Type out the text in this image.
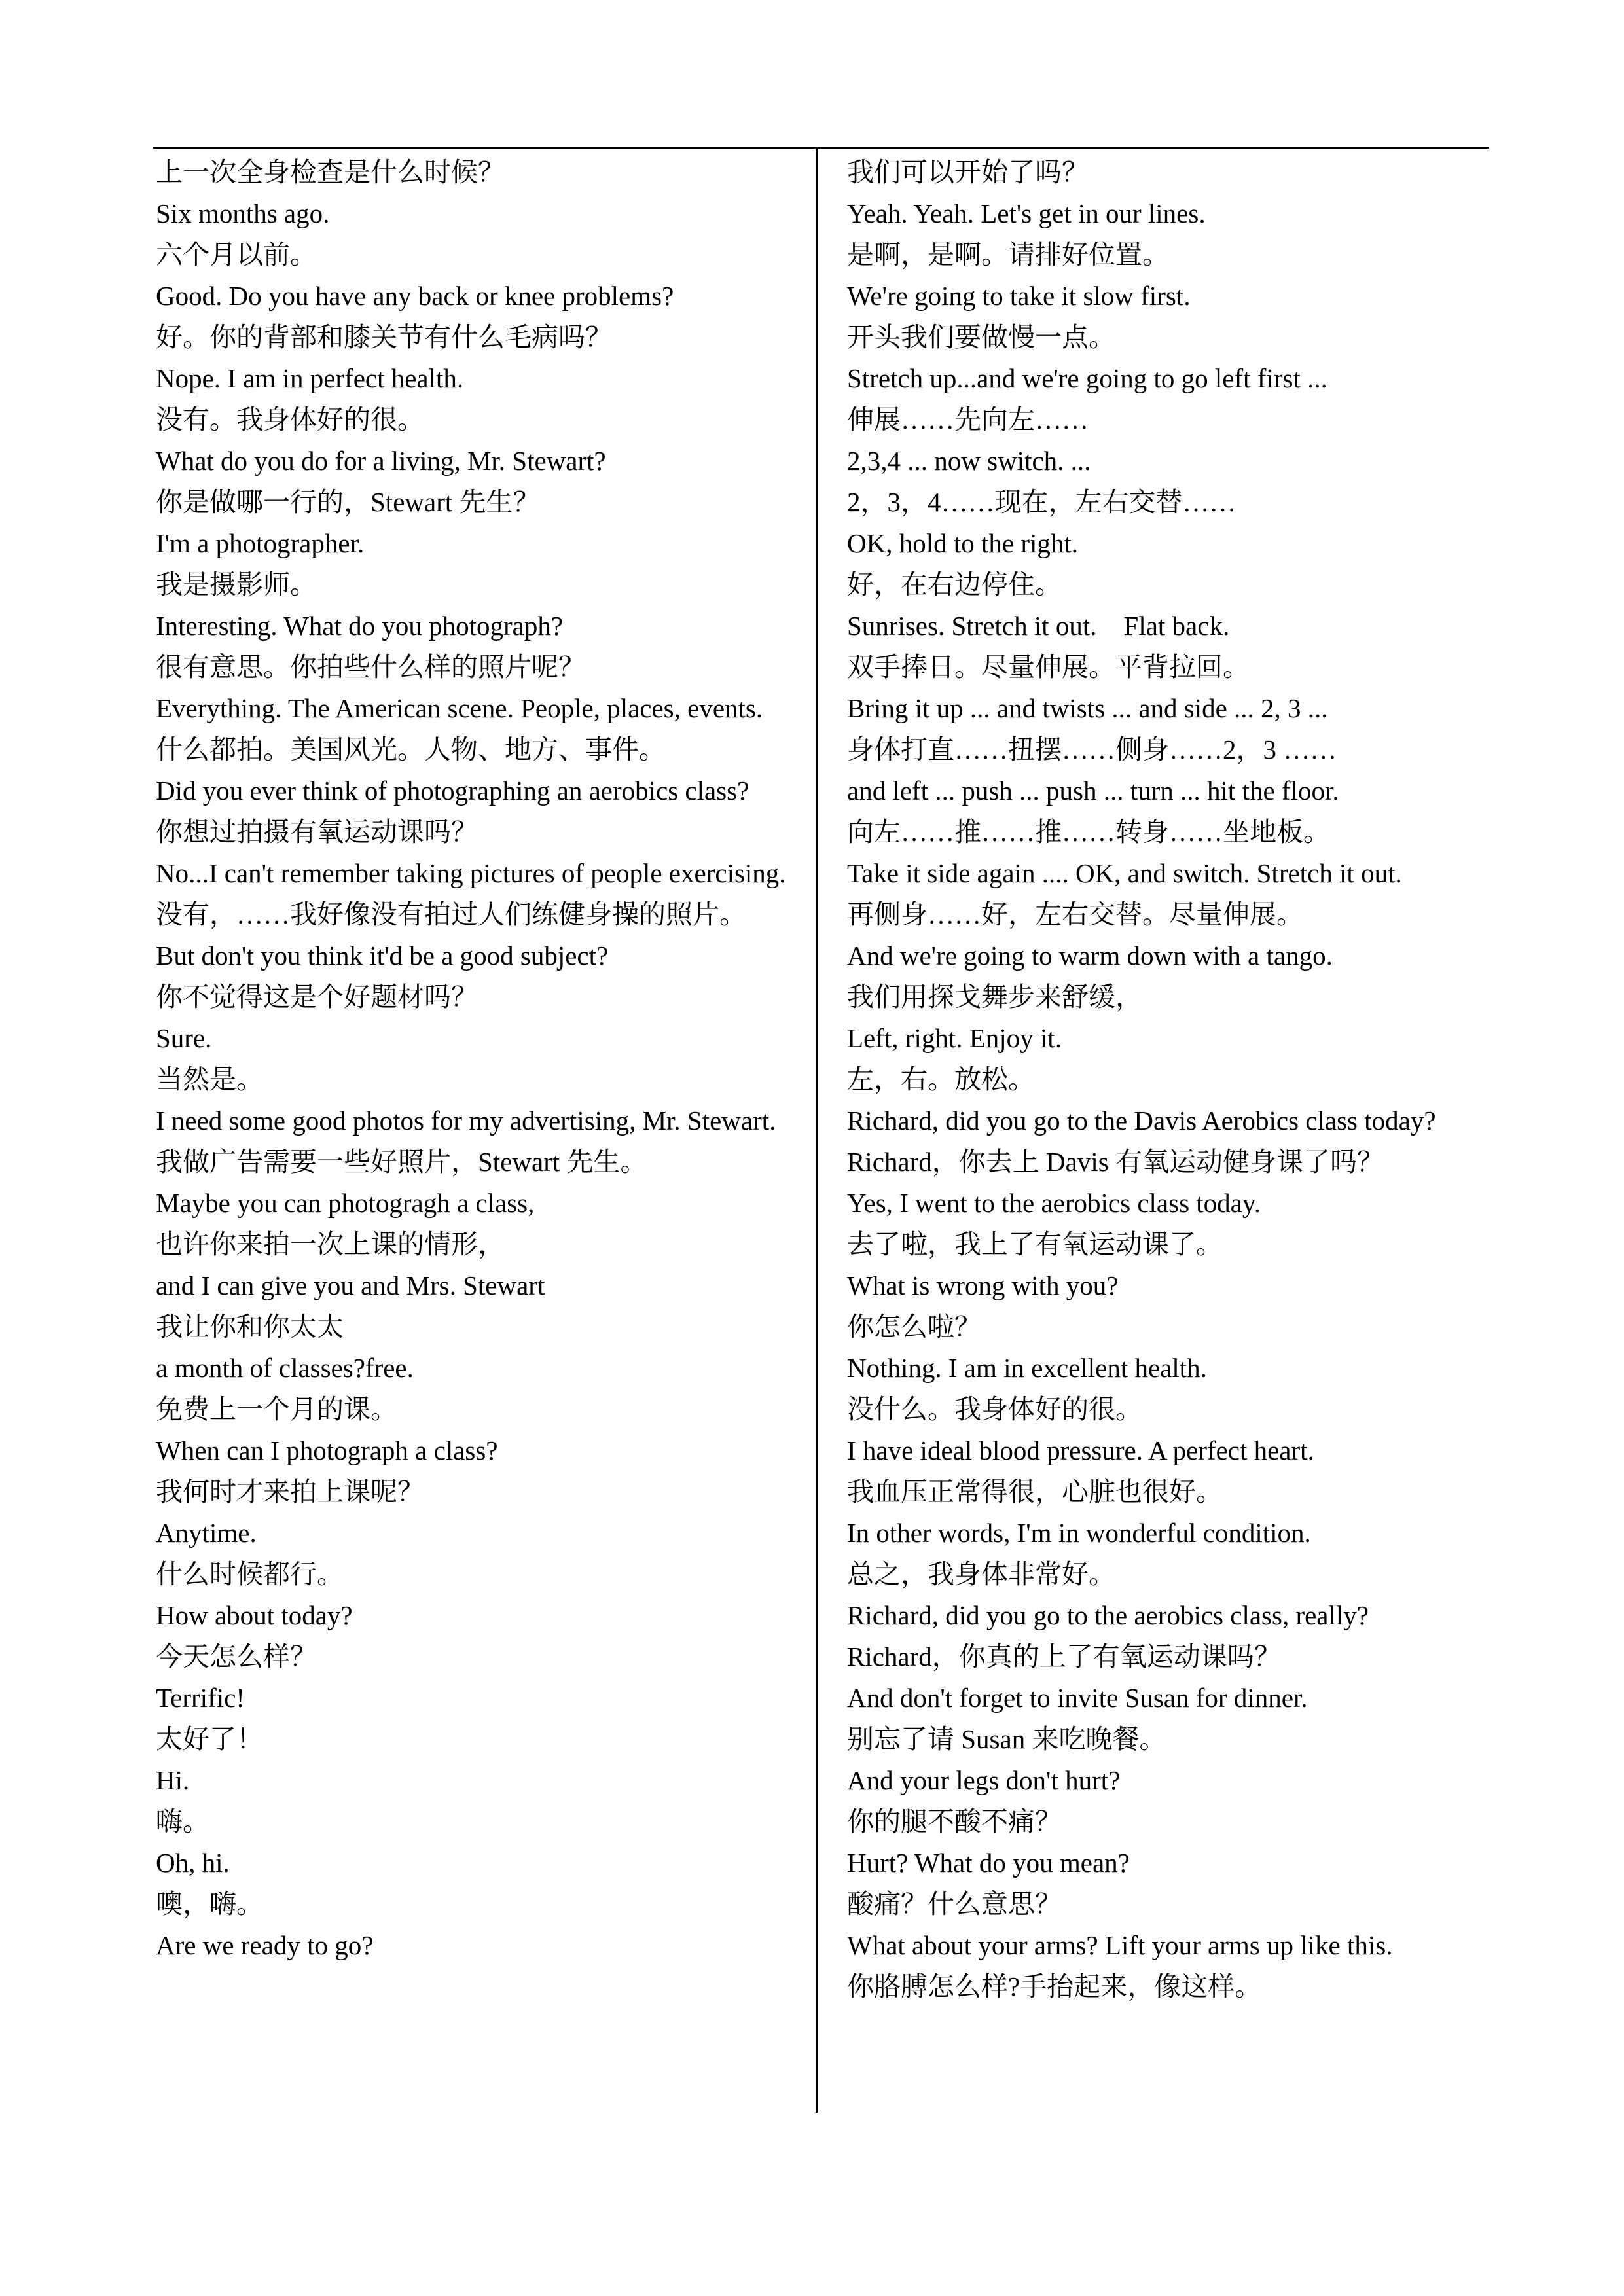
上一次全身检查是什么时候？

Six months ago.

六个月以前。

Good. Do you have any back or knee problems?

好。你的背部和膝关节有什么毛病吗？

Nope. I am in perfect health.

没有。我身体好的很。

What do you do for a living, Mr. Stewart?

你是做哪一行的，Stewart 先生？

I'm a photographer.

我是摄影师。

Interesting. What do you photograph?

很有意思。你拍些什么样的照片呢？

Everything. The American scene. People, places, events.

什么都拍。美国风光。人物、地方、事件。

Did you ever think of photographing an aerobics class?

你想过拍摄有氧运动课吗？

No...I can't remember taking pictures of people exercising.

没有，……我好像没有拍过人们练健身操的照片。

But don't you think it'd be a good subject?

你不觉得这是个好题材吗？

Sure.

当然是。

I need some good photos for my advertising, Mr. Stewart.

我做广告需要一些好照片，Stewart 先生。

Maybe you can photogragh a class,

也许你来拍一次上课的情形，

and I can give you and Mrs. Stewart

我让你和你太太

a month of classes?free.

免费上一个月的课。

When can I photograph a class?

我何时才来拍上课呢？

Anytime.

什么时候都行。

How about today?

今天怎么样？

Terrific!

太好了！

Hi.

嗨。

Oh, hi.

噢，嗨。

Are we ready to go?

我们可以开始了吗？

Yeah. Yeah. Let's get in our lines.

是啊，是啊。请排好位置。

We're going to take it slow first.

开头我们要做慢一点。

Stretch up...and we're going to go left first ...

伸展……先向左……

2,3,4 ... now switch. ...

2，3，4……现在，左右交替……

OK, hold to the right.

好，在右边停住。

Sunrises. Stretch it out.    Flat back.

双手捧日。尽量伸展。平背拉回。

Bring it up ... and twists ... and side ... 2, 3 ...

身体打直……扭摆……侧身……2，3 ……

and left ... push ... push ... turn ... hit the floor.

向左……推……推……转身……坐地板。

Take it side again .... OK, and switch. Stretch it out.

再侧身……好，左右交替。尽量伸展。

And we're going to warm down with a tango.

我们用探戈舞步来舒缓，

Left, right. Enjoy it.

左，右。放松。

Richard, did you go to the Davis Aerobics class today?

Richard，你去上 Davis 有氧运动健身课了吗？

Yes, I went to the aerobics class today.

去了啦，我上了有氧运动课了。

What is wrong with you?

你怎么啦？

Nothing. I am in excellent health.

没什么。我身体好的很。

I have ideal blood pressure. A perfect heart.

我血压正常得很，心脏也很好。

In other words, I'm in wonderful condition.

总之，我身体非常好。

Richard, did you go to the aerobics class, really?

Richard，你真的上了有氧运动课吗？

And don't forget to invite Susan for dinner.

别忘了请 Susan 来吃晚餐。

And your legs don't hurt?

你的腿不酸不痛？

Hurt? What do you mean?

酸痛？什么意思？

What about your arms? Lift your arms up like this.

你胳膊怎么样?手抬起来，像这样。
